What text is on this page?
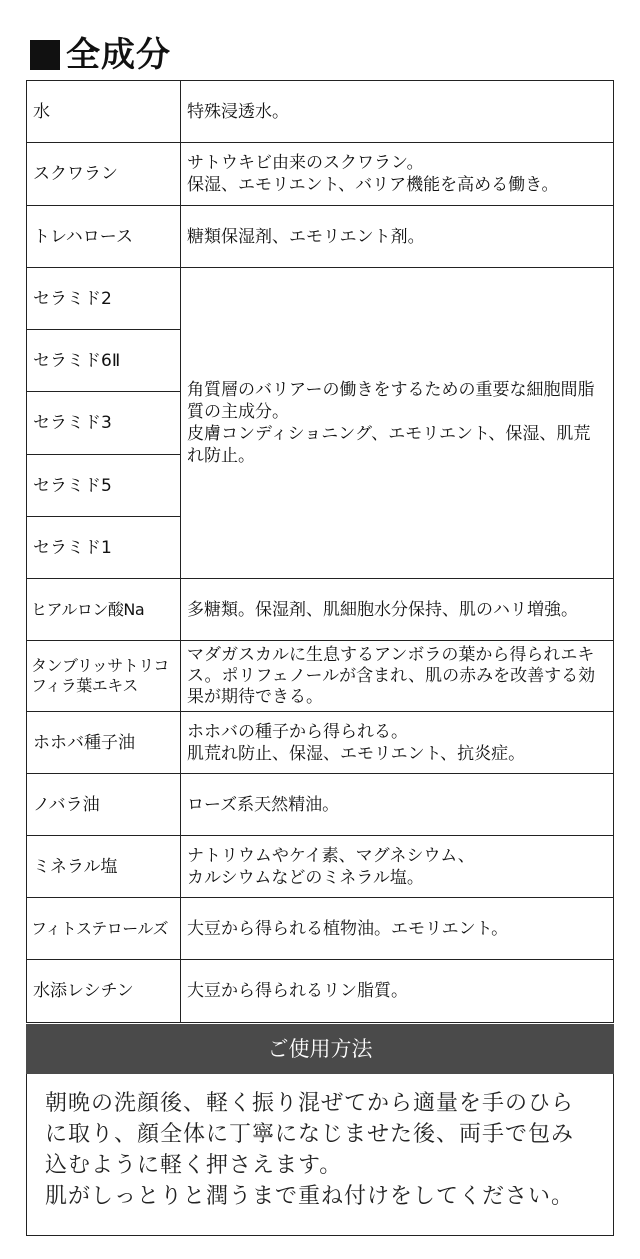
全成分
水	特殊浸透水。
スクワラン	サトウキビ由来のスクワラン。
保湿、エモリエント、バリア機能を高める働き。
トレハロース	糖類保湿剤、エモリエント剤。
セラミド2	角質層のバリアーの働きをするための重要な細胞間脂質の主成分。
皮膚コンディショニング、エモリエント、保湿、肌荒れ防止。
セラミド6Ⅱ	
セラミド3	
セラミド5	
セラミド1	
ヒアルロン酸Na	多糖類。保湿剤、肌細胞水分保持、肌のハリ増強。
タンブリッサトリコフィラ葉エキス	マダガスカルに生息するアンボラの葉から得られエキス。ポリフェノールが含まれ、肌の赤みを改善する効果が期待できる。
ホホバ種子油	ホホバの種子から得られる。
肌荒れ防止、保湿、エモリエント、抗炎症。
ノバラ油	ローズ系天然精油。
ミネラル塩	ナトリウムやケイ素、マグネシウム、
カルシウムなどのミネラル塩。
フィトステロールズ	大豆から得られる植物油。エモリエント。
水添レシチン	大豆から得られるリン脂質。
ご使用方法
朝晩の洗顔後、軽く振り混ぜてから適量を手のひらに取り、顔全体に丁寧になじませた後、両手で包み込むように軽く押さえます。
肌がしっとりと潤うまで重ね付けをしてください。
